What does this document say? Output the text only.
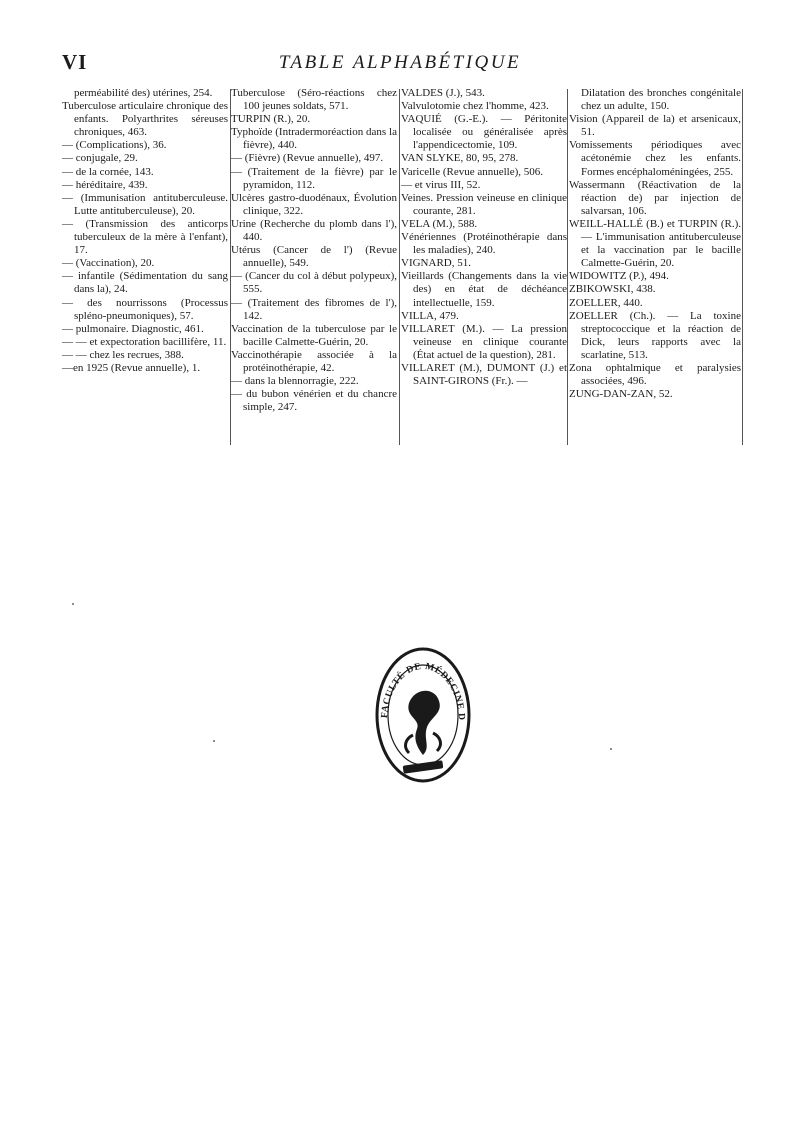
VI	TABLE ALPHABÉTIQUE

perméabilité des) utérines, 254.

Tuberculose articulaire chronique des enfants. Polyarthrites séreuses chroniques, 463.

— (Complications), 36.

— conjugale, 29.

— de la cornée, 143.

— héréditaire, 439.

— (Immunisation antituberculeuse. Lutte antituberculeuse), 20.

— (Transmission des anticorps tuberculeux de la mère à l'enfant), 17.

— (Vaccination), 20.

— infantile (Sédimentation du sang dans la), 24.

— des nourrissons (Processus spléno-pneumoniques), 57.

— pulmonaire. Diagnostic, 461.

— — et expectoration bacillifère, 11.

— — chez les recrues, 388.

—en 1925 (Revue annuelle), 1.

Tuberculose (Séro-réactions chez 100 jeunes soldats, 571.

TURPIN (R.), 20.

Typhoïde (Intradermoréaction dans la fièvre), 440.

— (Fièvre) (Revue annuelle), 497.

— (Traitement de la fièvre) par le pyramidon, 112.

Ulcères gastro-duodénaux, Évolution clinique, 322.

Urine (Recherche du plomb dans l'), 440.

Utérus (Cancer de l') (Revue annuelle), 549.

— (Cancer du col à début polypeux), 555.

— (Traitement des fibromes de l'), 142.

Vaccination de la tuberculose par le bacille Calmette-Guérin, 20.

Vaccinothérapie associée à la protéinothérapie, 42.

— dans la blennorragie, 222.

— du bubon vénérien et du chancre simple, 247.

VALDES (J.), 543.

Valvulotomie chez l'homme, 423.

VAQUIÉ (G.-E.). — Péritonite localisée ou généralisée après l'appendicectomie, 109.

VAN SLYKE, 80, 95, 278.

Varicelle (Revue annuelle), 506.

— et virus III, 52.

Veines. Pression veineuse en clinique courante, 281.

VELA (M.), 588.

Vénériennes (Protéinothérapie dans les maladies), 240.

VIGNARD, 51.

Vieillards (Changements dans la vie des) en état de déchéance intellectuelle, 159.

VILLA, 479.

VILLARET (M.). — La pression veineuse en clinique courante (État actuel de la question), 281.

VILLARET (M.), DUMONT (J.) et SAINT-GIRONS (Fr.). —

Dilatation des bronches congénitale chez un adulte, 150.

Vision (Appareil de la) et arsenicaux, 51.

Vomissements périodiques avec acétonémie chez les enfants. Formes encéphaloméningées, 255.

Wassermann (Réactivation de la réaction de) par injection de salvarsan, 106.

WEILL-HALLÉ (B.) et TURPIN (R.). — L'immunisation antituberculeuse et la vaccination par le bacille Calmette-Guérin, 20.

WIDOWITZ (P.), 494.

ZBIKOWSKI, 438.

ZOELLER, 440.

ZOELLER (Ch.). — La toxine streptococcique et la réaction de Dick, leurs rapports avec la scarlatine, 513.

Zona ophtalmique et paralysies associées, 496.

ZUNG-DAN-ZAN, 52.

FACULTÉ DE MÉDECINE D
